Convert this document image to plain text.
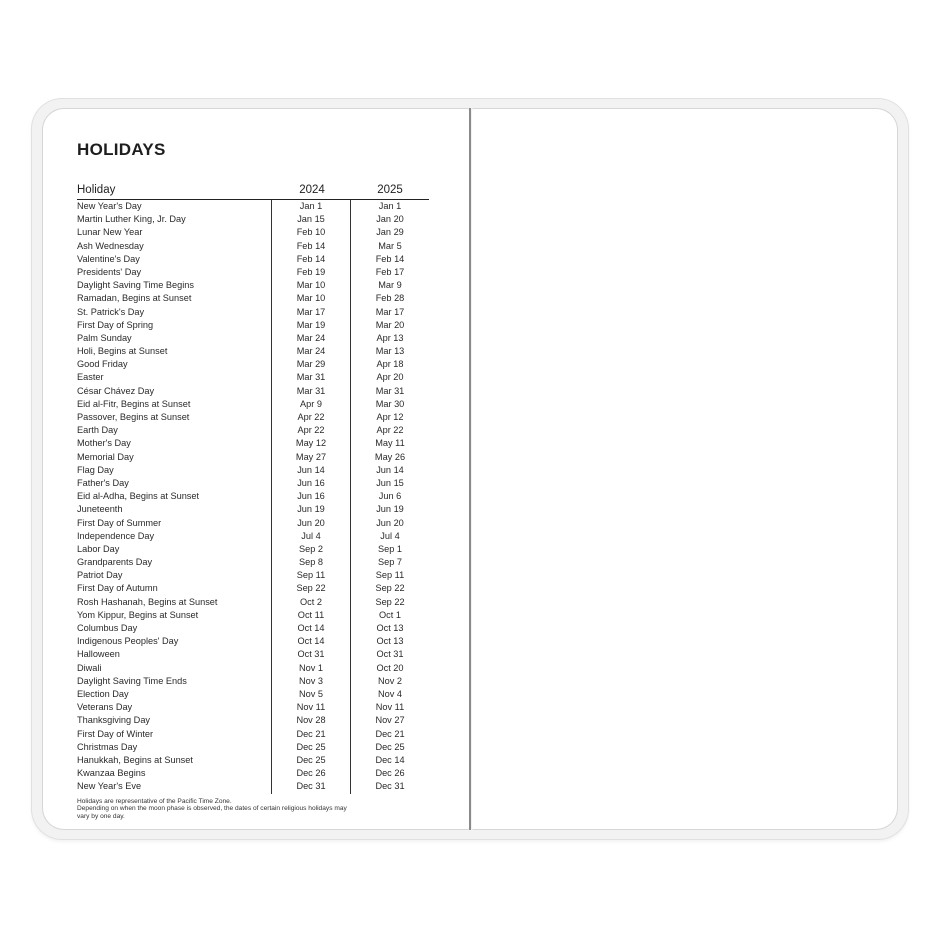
HOLIDAYS
Holiday	2024	2025
New Year's Day	Jan 1	Jan 1
Martin Luther King, Jr. Day	Jan 15	Jan 20
Lunar New Year	Feb 10	Jan 29
Ash Wednesday	Feb 14	Mar 5
Valentine's Day	Feb 14	Feb 14
Presidents' Day	Feb 19	Feb 17
Daylight Saving Time Begins	Mar 10	Mar 9
Ramadan, Begins at Sunset	Mar 10	Feb 28
St. Patrick's Day	Mar 17	Mar 17
First Day of Spring	Mar 19	Mar 20
Palm Sunday	Mar 24	Apr 13
Holi, Begins at Sunset	Mar 24	Mar 13
Good Friday	Mar 29	Apr 18
Easter	Mar 31	Apr 20
César Chávez Day	Mar 31	Mar 31
Eid al-Fitr, Begins at Sunset	Apr 9	Mar 30
Passover, Begins at Sunset	Apr 22	Apr 12
Earth Day	Apr 22	Apr 22
Mother's Day	May 12	May 11
Memorial Day	May 27	May 26
Flag Day	Jun 14	Jun 14
Father's Day	Jun 16	Jun 15
Eid al-Adha, Begins at Sunset	Jun 16	Jun 6
Juneteenth	Jun 19	Jun 19
First Day of Summer	Jun 20	Jun 20
Independence Day	Jul 4	Jul 4
Labor Day	Sep 2	Sep 1
Grandparents Day	Sep 8	Sep 7
Patriot Day	Sep 11	Sep 11
First Day of Autumn	Sep 22	Sep 22
Rosh Hashanah, Begins at Sunset	Oct 2	Sep 22
Yom Kippur, Begins at Sunset	Oct 11	Oct 1
Columbus Day	Oct 14	Oct 13
Indigenous Peoples' Day	Oct 14	Oct 13
Halloween	Oct 31	Oct 31
Diwali	Nov 1	Oct 20
Daylight Saving Time Ends	Nov 3	Nov 2
Election Day	Nov 5	Nov 4
Veterans Day	Nov 11	Nov 11
Thanksgiving Day	Nov 28	Nov 27
First Day of Winter	Dec 21	Dec 21
Christmas Day	Dec 25	Dec 25
Hanukkah, Begins at Sunset	Dec 25	Dec 14
Kwanzaa Begins	Dec 26	Dec 26
New Year's Eve	Dec 31	Dec 31
Holidays are representative of the Pacific Time Zone.
Depending on when the moon phase is observed, the dates of certain religious holidays may
vary by one day.
